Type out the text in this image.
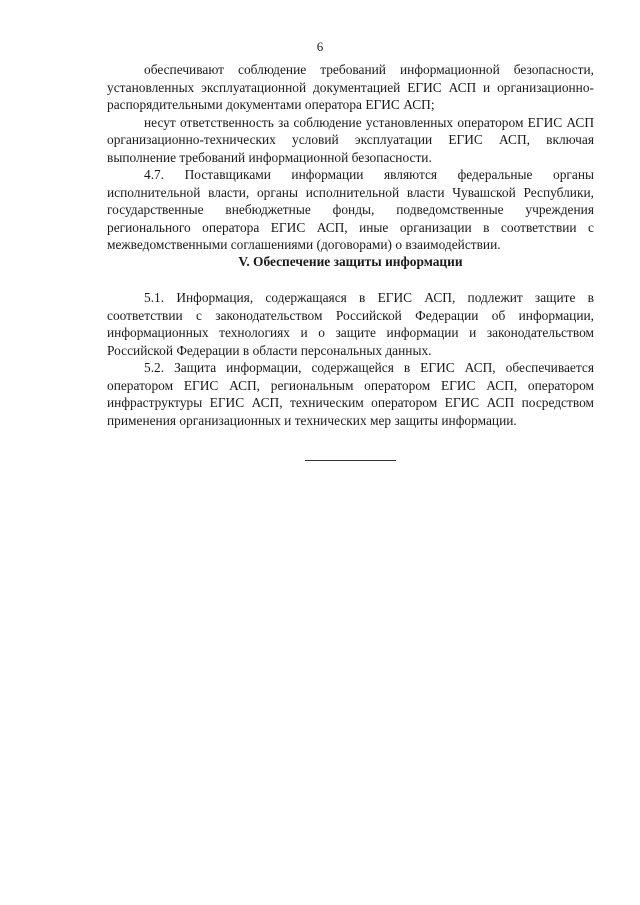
6

обеспечивают соблюдение требований информационной безопасности, установленных эксплуатационной документацией ЕГИС АСП и организационно-распорядительными документами оператора ЕГИС АСП;

несут ответственность за соблюдение установленных оператором ЕГИС АСП организационно-технических условий эксплуатации ЕГИС АСП, включая выполнение требований информационной безопасности.

4.7. Поставщиками информации являются федеральные органы исполнительной власти, органы исполнительной власти Чувашской Республики, государственные внебюджетные фонды, подведомственные учреждения регионального оператора ЕГИС АСП, иные организации в соответствии с межведомственными соглашениями (договорами) о взаимодействии.

V. Обеспечение защиты информации

5.1. Информация, содержащаяся в ЕГИС АСП, подлежит защите в соответствии с законодательством Российской Федерации об информации, информационных технологиях и о защите информации и законодательством Российской Федерации в области персональных данных.

5.2. Защита информации, содержащейся в ЕГИС АСП, обеспечивается оператором ЕГИС АСП, региональным оператором ЕГИС АСП, оператором инфраструктуры ЕГИС АСП, техническим оператором ЕГИС АСП посредством применения организационных и технических мер защиты информации.
